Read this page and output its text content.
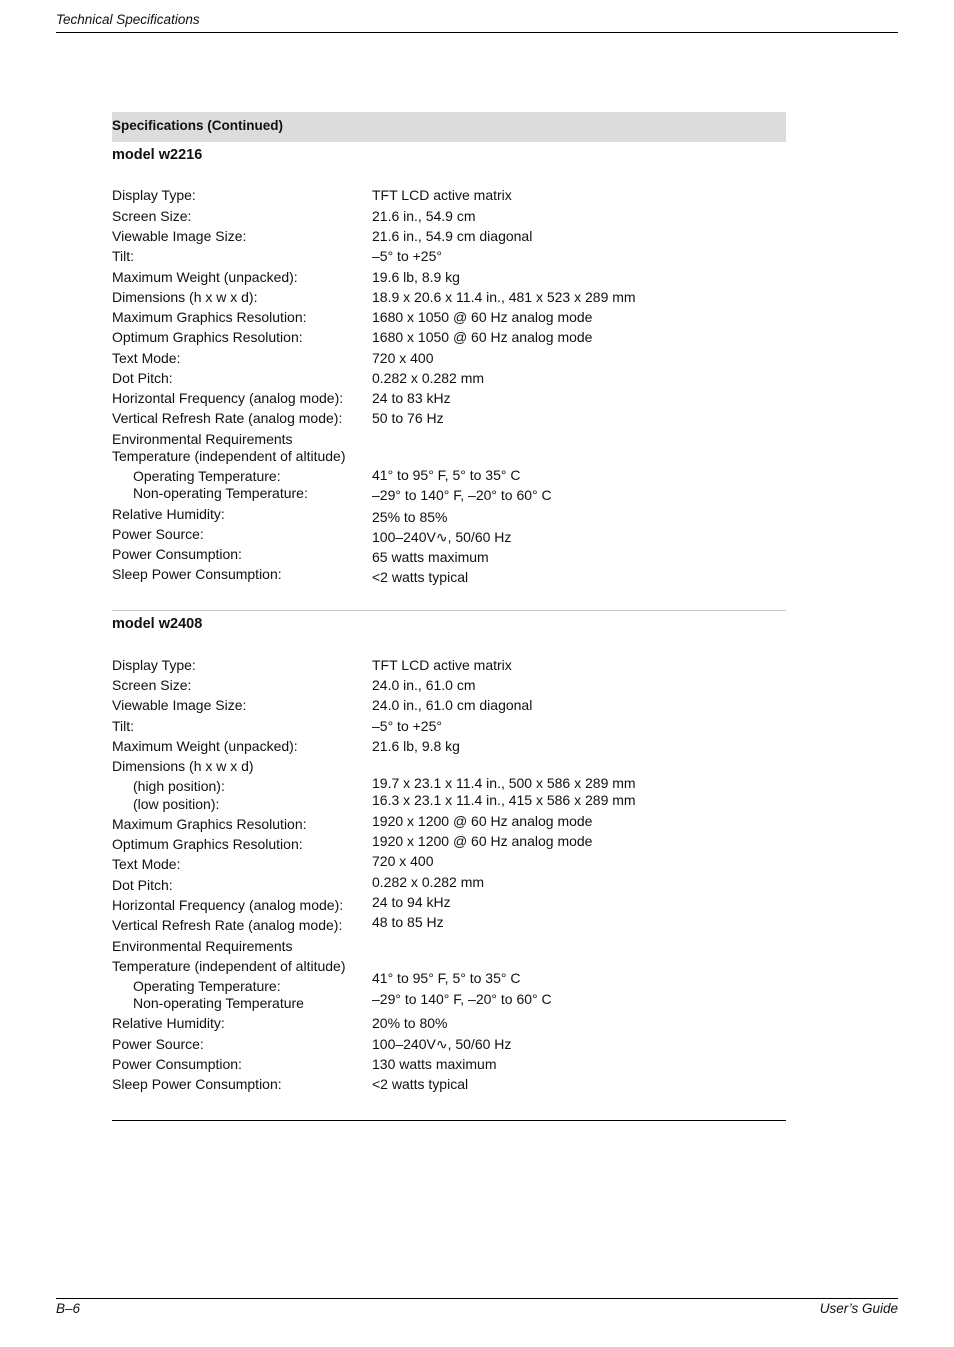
Technical Specifications
Specifications (Continued)
model w2216
Display Type:	TFT LCD active matrix
Screen Size:	21.6 in., 54.9 cm
Viewable Image Size:	21.6 in., 54.9 cm diagonal
Tilt:	–5° to +25°
Maximum Weight (unpacked):	19.6 lb, 8.9 kg
Dimensions (h x w x d):	18.9 x 20.6 x 11.4 in., 481 x 523 x 289 mm
Maximum Graphics Resolution:	1680 x 1050 @ 60 Hz analog mode
Optimum Graphics Resolution:	1680 x 1050 @ 60 Hz analog mode
Text Mode:	720 x 400
Dot Pitch:	0.282 x 0.282 mm
Horizontal Frequency (analog mode): 24 to 83 kHz
Vertical Refresh Rate (analog mode): 50 to 76 Hz
Environmental Requirements
Temperature (independent of altitude)
Operating Temperature:	41° to 95° F, 5° to 35° C
Non-operating Temperature:	–29° to 140° F, –20° to 60° C
Relative Humidity:	25% to 85%
Power Source:	100–240V∿, 50/60 Hz
Power Consumption:	65 watts maximum
Sleep Power Consumption:	<2 watts typical
model w2408
Display Type:	TFT LCD active matrix
Screen Size:	24.0 in., 61.0 cm
Viewable Image Size:	24.0 in., 61.0 cm diagonal
Tilt:	–5° to +25°
Maximum Weight (unpacked):	21.6 lb, 9.8 kg
Dimensions (h x w x d)
(high position):	19.7 x 23.1 x 11.4 in., 500 x 586 x 289 mm
(low position):	16.3 x 23.1 x 11.4 in., 415 x 586 x 289 mm
Maximum Graphics Resolution:	1920 x 1200 @ 60 Hz analog mode
Optimum Graphics Resolution:	1920 x 1200 @ 60 Hz analog mode
Text Mode:	720 x 400
Dot Pitch:	0.282 x 0.282 mm
Horizontal Frequency (analog mode): 24 to 94 kHz
Vertical Refresh Rate (analog mode): 48 to 85 Hz
Environmental Requirements
Temperature (independent of altitude)
Operating Temperature:	41° to 95° F, 5° to 35° C
Non-operating Temperature	–29° to 140° F, –20° to 60° C
Relative Humidity:	20% to 80%
Power Source:	100–240V∿, 50/60 Hz
Power Consumption:	130 watts maximum
Sleep Power Consumption:	<2 watts typical
B–6	User’s Guide
